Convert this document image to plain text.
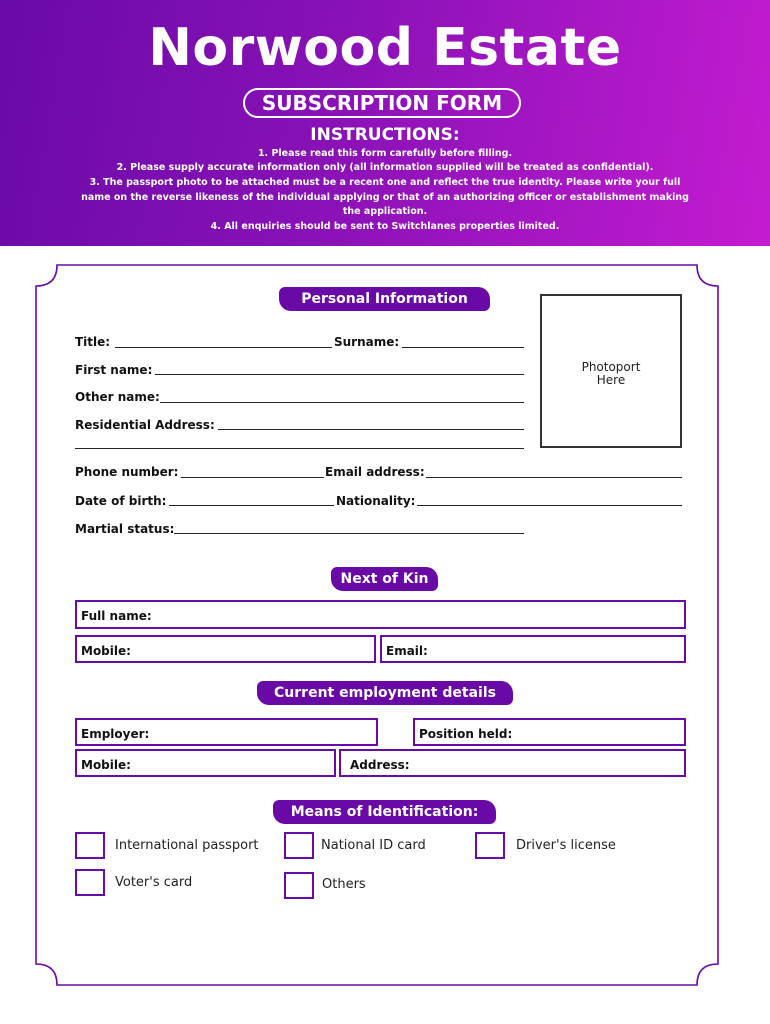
Norwood Estate
SUBSCRIPTION FORM
INSTRUCTIONS:
1. Please read this form carefully before filling.
2. Please supply accurate information only (all information supplied will be treated as confidential).
3. The passport photo to be attached must be a recent one and reflect the true identity. Please write your full name on the reverse likeness of the individual applying or that of an authorizing officer or establishment making the application.
4. All enquiries should be sent to Switchlanes properties limited.
Personal Information
Title:	Surname:
First name:
Other name:
Residential Address:
Photoport
Here
Phone number:	Email address:
Date of birth:	Nationality:
Martial status:
Next of Kin
Full name:
Mobile:	Email:
Current employment details
Employer:	Position held:
Mobile:	Address:
Means of Identification:
International passport	National ID card	Driver's license
Voter's card	Others
